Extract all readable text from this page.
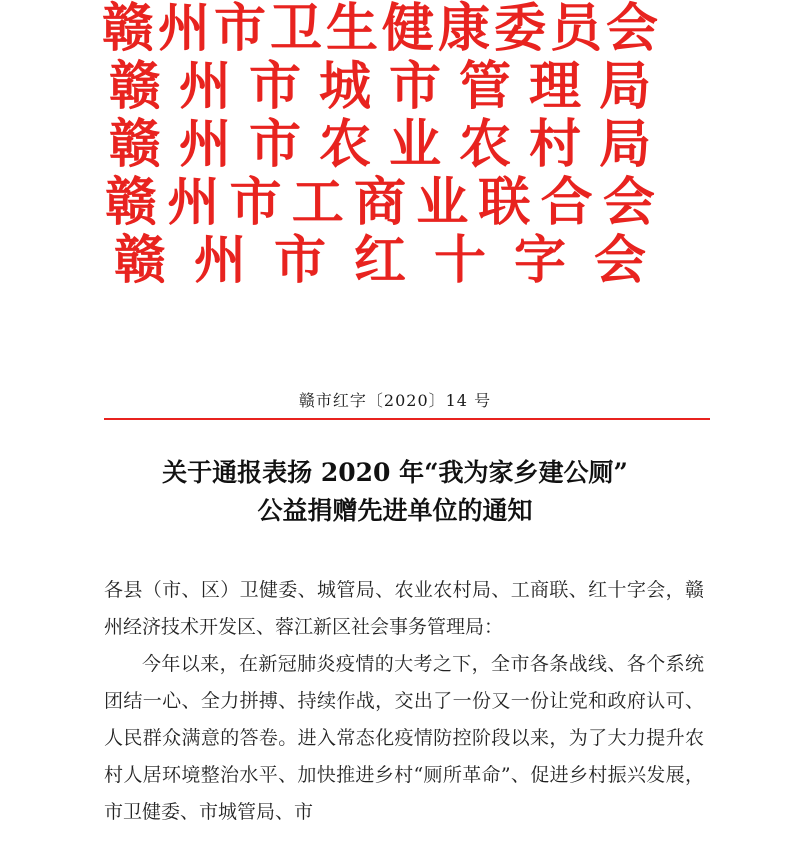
赣州市卫生健康委员会
赣 州 市 城 市 管 理 局
赣 州 市 农 业 农 村 局
赣 州 市 工 商 业 联 合 会
赣 州 市 红 十 字 会
赣市红字〔2020〕14 号
关于通报表扬 2020 年“我为家乡建公厕”
公益捐赠先进单位的通知

各县（市、区）卫健委、城管局、农业农村局、工商联、红十字会，赣州经济技术开发区、蓉江新区社会事务管理局：

今年以来，在新冠肺炎疫情的大考之下，全市各条战线、各个系统团结一心、全力拼搏、持续作战，交出了一份又一份让党和政府认可、人民群众满意的答卷。进入常态化疫情防控阶段以来，为了大力提升农村人居环境整治水平、加快推进乡村“厕所革命”、促进乡村振兴发展，市卫健委、市城管局、市
